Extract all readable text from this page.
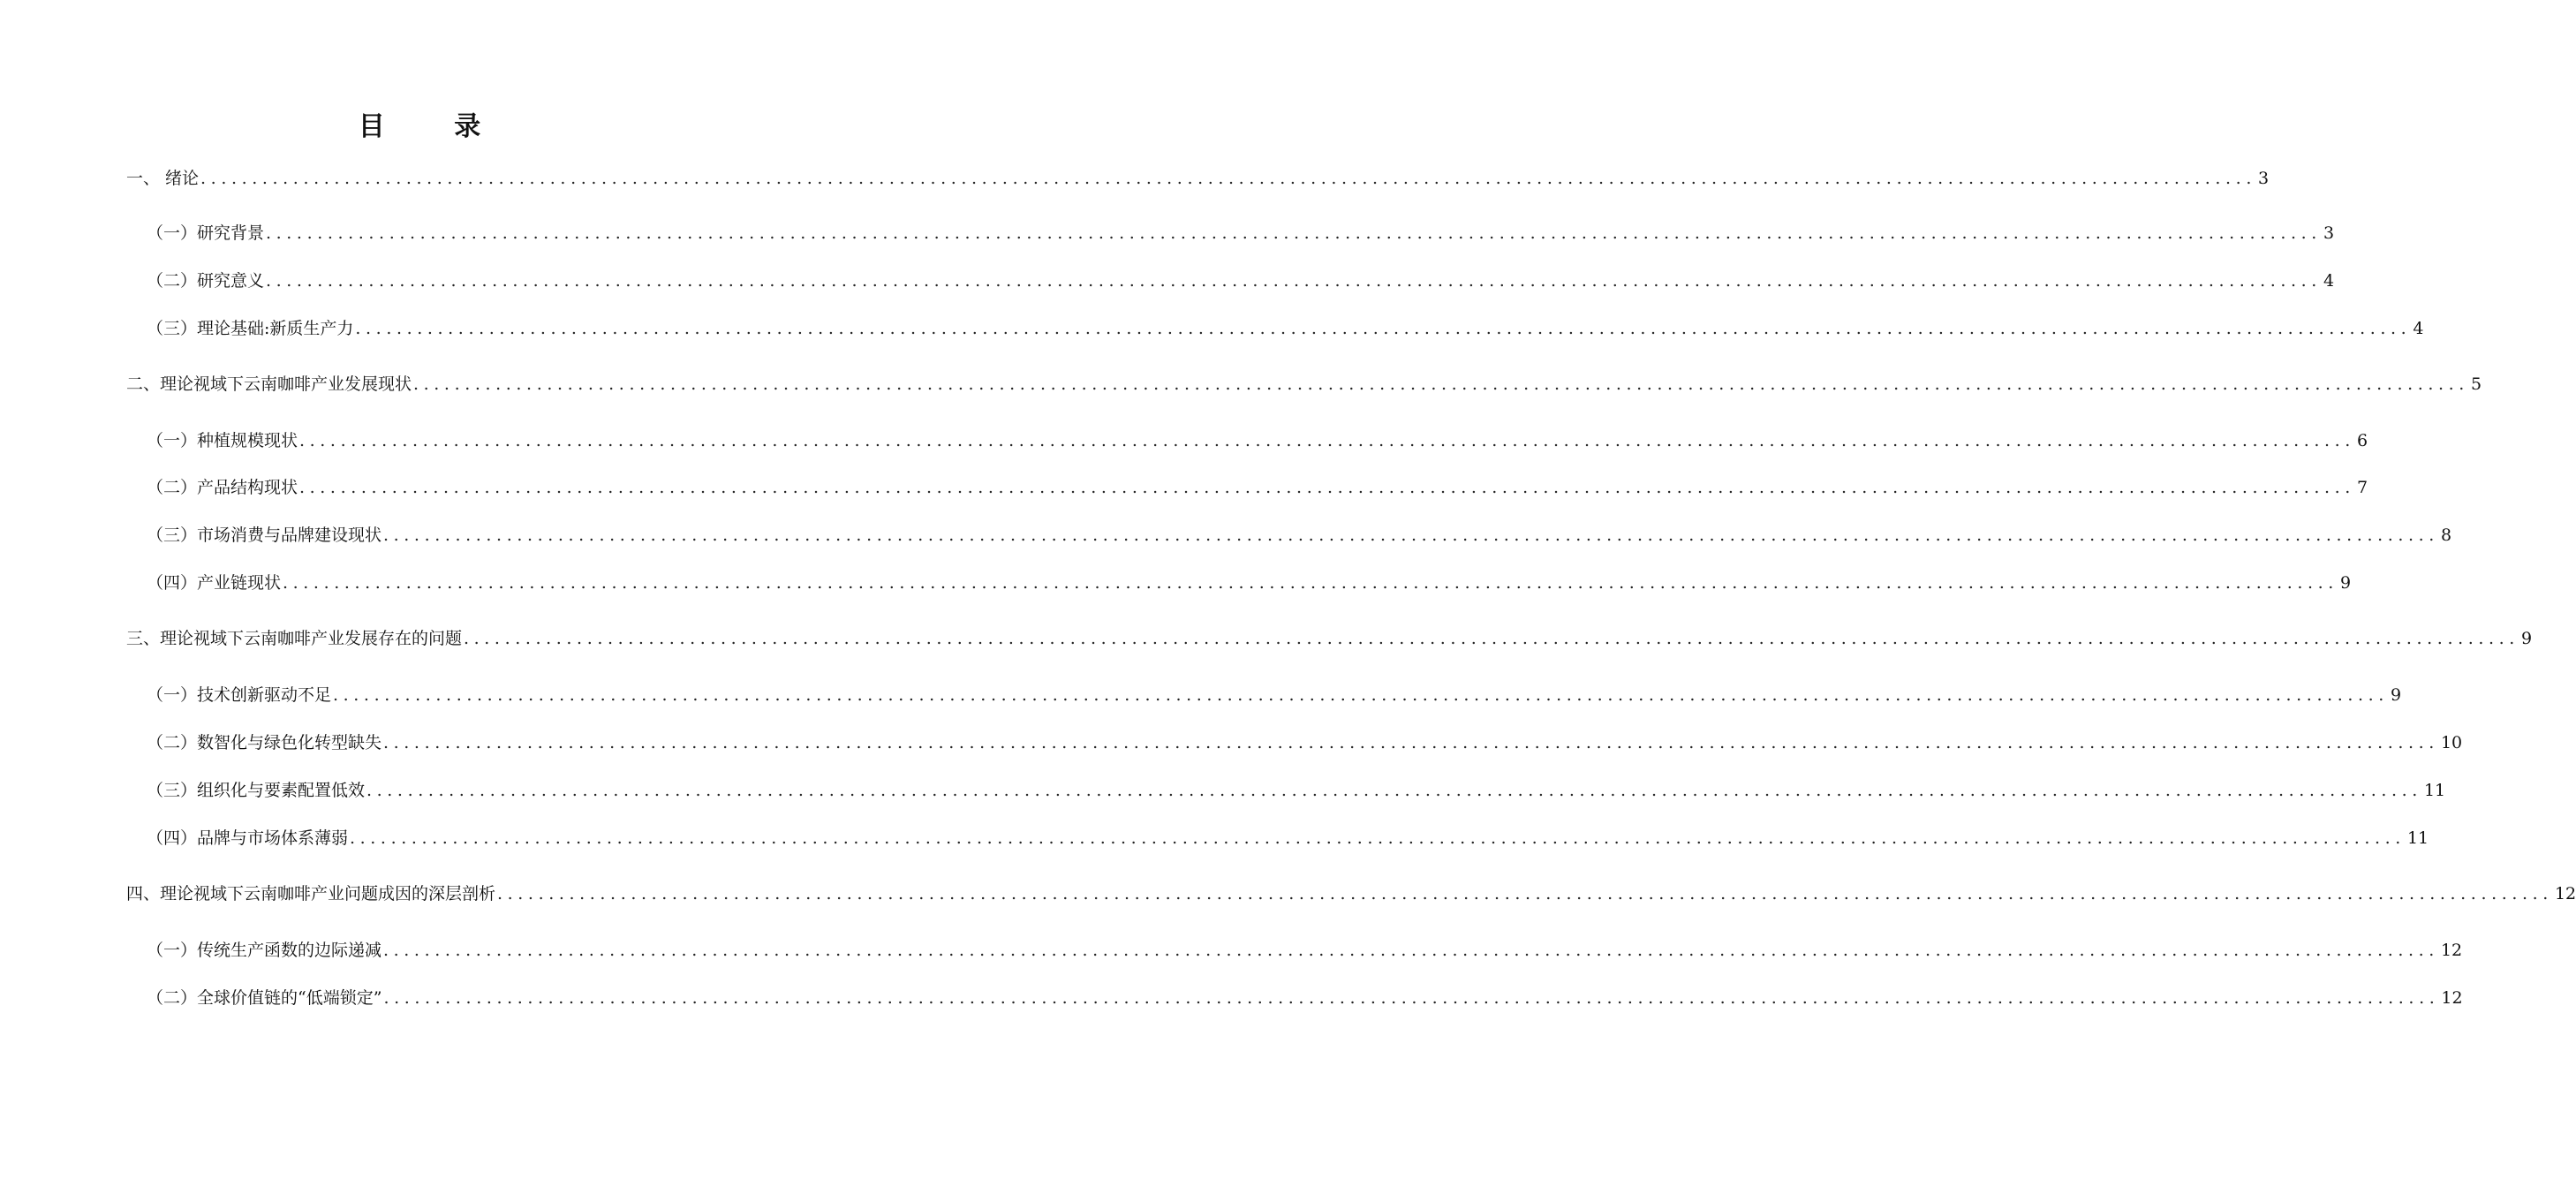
目 录
一、 绪论 ........................................................................................................................................................................................................ 3
（一）研究背景 ........................................................................................................................................................................................................ 3
（二）研究意义 ........................................................................................................................................................................................................ 4
（三）理论基础:新质生产力 ........................................................................................................................................................................................................ 4
二、理论视域下云南咖啡产业发展现状 ........................................................................................................................................................................................................ 5
（一）种植规模现状 ........................................................................................................................................................................................................ 6
（二）产品结构现状 ........................................................................................................................................................................................................ 7
（三）市场消费与品牌建设现状 ........................................................................................................................................................................................................ 8
（四）产业链现状 ........................................................................................................................................................................................................ 9
三、理论视域下云南咖啡产业发展存在的问题 ........................................................................................................................................................................................................ 9
（一）技术创新驱动不足 ........................................................................................................................................................................................................ 9
（二）数智化与绿色化转型缺失 ........................................................................................................................................................................................................ 10
（三）组织化与要素配置低效 ........................................................................................................................................................................................................ 11
（四）品牌与市场体系薄弱 ........................................................................................................................................................................................................ 11
四、理论视域下云南咖啡产业问题成因的深层剖析 ........................................................................................................................................................................................................ 12
（一）传统生产函数的边际递减 ........................................................................................................................................................................................................ 12
（二）全球价值链的“低端锁定” ........................................................................................................................................................................................................ 12
